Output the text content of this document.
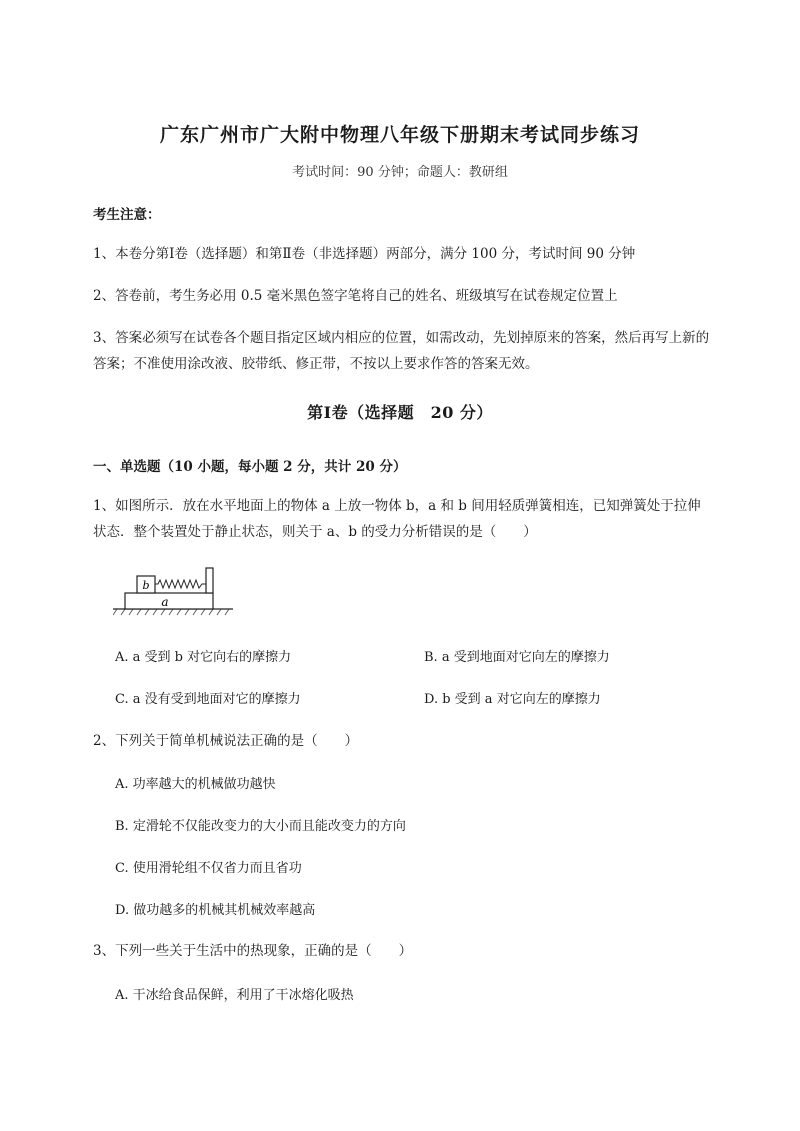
广东广州市广大附中物理八年级下册期末考试同步练习
考试时间：90 分钟；命题人：教研组
考生注意：
1、本卷分第Ⅰ卷（选择题）和第Ⅱ卷（非选择题）两部分，满分 100 分，考试时间 90 分钟
2、答卷前，考生务必用 0.5 毫米黑色签字笔将自己的姓名、班级填写在试卷规定位置上
3、答案必须写在试卷各个题目指定区域内相应的位置，如需改动，先划掉原来的答案，然后再写上新的答案；不准使用涂改液、胶带纸、修正带，不按以上要求作答的答案无效。
第Ⅰ卷（选择题　20 分）
一、单选题（10 小题，每小题 2 分，共计 20 分）
1、如图所示．放在水平地面上的物体 a 上放一物体 b，a 和 b 间用轻质弹簧相连，已知弹簧处于拉伸状态．整个装置处于静止状态，则关于 a、b 的受力分析错误的是（　　）
b
a
A. a 受到 b 对它向右的摩擦力	B. a 受到地面对它向左的摩擦力
C. a 没有受到地面对它的摩擦力	D. b 受到 a 对它向左的摩擦力
2、下列关于简单机械说法正确的是（　　）
A. 功率越大的机械做功越快
B. 定滑轮不仅能改变力的大小而且能改变力的方向
C. 使用滑轮组不仅省力而且省功
D. 做功越多的机械其机械效率越高
3、下列一些关于生活中的热现象，正确的是（　　）
A. 干冰给食品保鲜，利用了干冰熔化吸热
